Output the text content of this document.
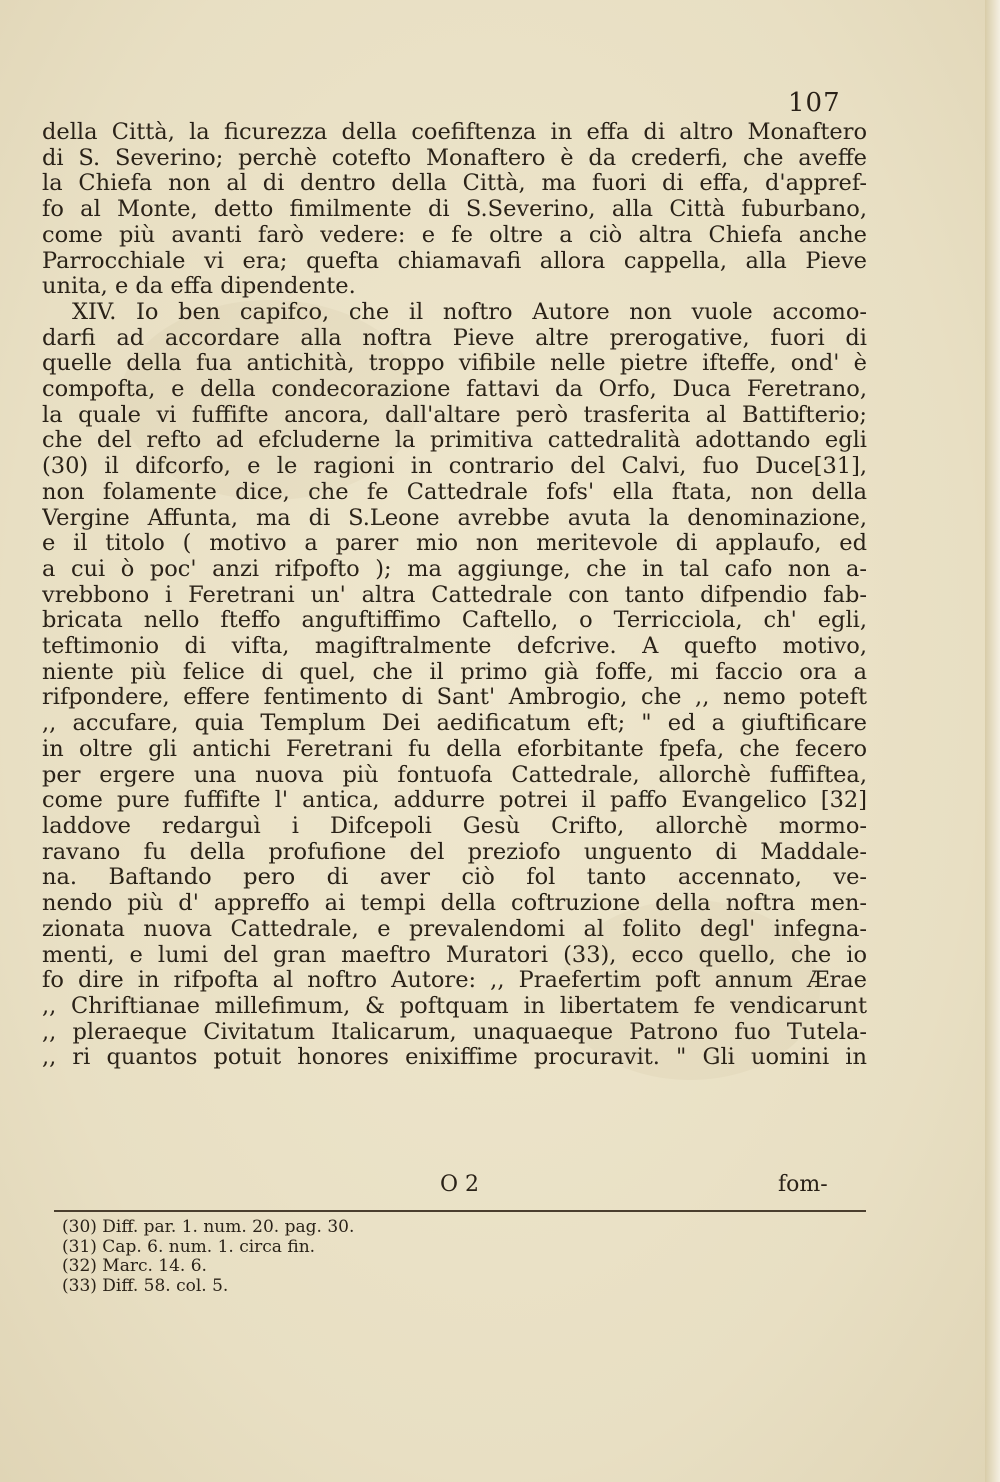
107
della Città, la ficurezza della coefiftenza in effa di altro Monaftero
di S. Severino; perchè cotefto Monaftero è da crederfi, che aveffe
la Chiefa non al di dentro della Città, ma fuori di effa, d'appref-
fo al Monte, detto fimilmente di S.Severino, alla Città fuburbano,
come più avanti farò vedere: e fe oltre a ciò altra Chiefa anche
Parrocchiale vi era; quefta chiamavafi allora cappella, alla Pieve
unita, e da effa dipendente.
XIV. Io ben capifco, che il noftro Autore non vuole accomo-
darfi ad accordare alla noftra Pieve altre prerogative, fuori di
quelle della fua antichità, troppo vifibile nelle pietre ifteffe, ond' è
compofta, e della condecorazione fattavi da Orfo, Duca Feretrano,
la quale vi fuffifte ancora, dall'altare però trasferita al Battifterio;
che del refto ad efcluderne la primitiva cattedralità adottando egli
(30) il difcorfo, e le ragioni in contrario del Calvi, fuo Duce[31],
non folamente dice, che fe Cattedrale fofs' ella ftata, non della
Vergine Affunta, ma di S.Leone avrebbe avuta la denominazione,
e il titolo ( motivo a parer mio non meritevole di applaufo, ed
a cui ò poc' anzi rifpofto ); ma aggiunge, che in tal cafo non a-
vrebbono i Feretrani un' altra Cattedrale con tanto difpendio fab-
bricata nello fteffo anguftiffimo Caftello, o Terricciola, ch' egli,
teftimonio di vifta, magiftralmente defcrive. A quefto motivo,
niente più felice di quel, che il primo già foffe, mi faccio ora a
rifpondere, effere fentimento di Sant' Ambrogio, che ,, nemo poteft
,, accufare, quia Templum Dei aedificatum eft; " ed a giuftificare
in oltre gli antichi Feretrani fu della eforbitante fpefa, che fecero
per ergere una nuova più fontuofa Cattedrale, allorchè fuffiftea,
come pure fuffifte l' antica, addurre potrei il paffo Evangelico [32]
laddove redarguì i Difcepoli Gesù Crifto, allorchè mormo-
ravano fu della profufione del preziofo unguento di Maddale-
na. Baftando pero di aver ciò fol tanto accennato, ve-
nendo più d' appreffo ai tempi della coftruzione della noftra men-
zionata nuova Cattedrale, e prevalendomi al folito degl' infegna-
menti, e lumi del gran maeftro Muratori (33), ecco quello, che io
fo dire in rifpofta al noftro Autore: ,, Praefertim poft annum Ærae
,, Chriftianae millefimum, & poftquam in libertatem fe vendicarunt
,, pleraeque Civitatum Italicarum, unaquaeque Patrono fuo Tutela-
,, ri quantos potuit honores enixiffime procuravit. " Gli uomini in
O 2	fom-
(30) Diff. par. 1. num. 20. pag. 30.
(31) Cap. 6. num. 1. circa fin.
(32) Marc. 14. 6.
(33) Diff. 58. col. 5.
